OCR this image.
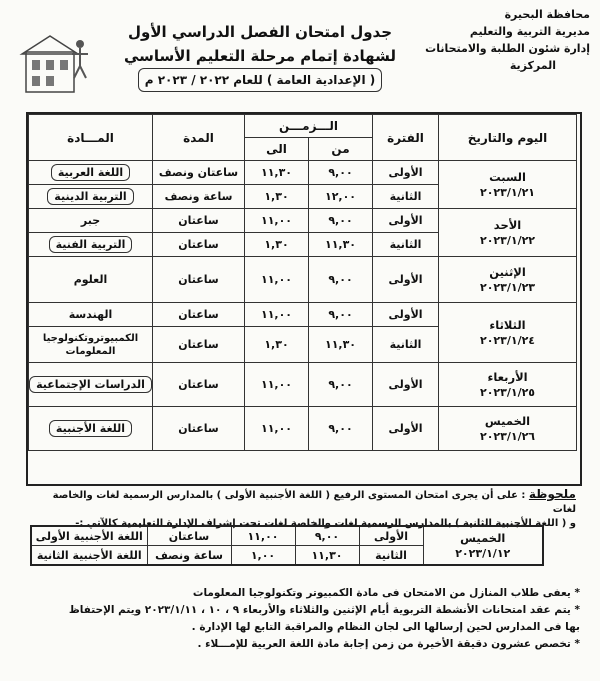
محافظة البحيرة
مديرية التربية والتعليم
إدارة شئون الطلبة والامتحانات
المركزية
جدول امتحان الفصل الدراسي الأول
لشهادة إتمام مرحلة التعليم الأساسي
( الإعدادية العامة ) للعام ٢٠٢٢ / ٢٠٢٣ م
اليوم والتاريخ	الفترة	الـــزمـــن		المدة	المـــادة
		من	الى		

السبت
٢٠٢٣/١/٢١	الأولى	٩,٠٠	١١,٣٠	ساعتان ونصف	اللغة العربية
	الثانية	١٢,٠٠	١,٣٠	ساعة ونصف	التربية الدينية

الأحد
٢٠٢٣/١/٢٢	الأولى	٩,٠٠	١١,٠٠	ساعتان	جبر
	الثانية	١١,٣٠	١,٣٠	ساعتان	التربية الفنية

الإثنين
٢٠٢٣/١/٢٣	الأولى	٩,٠٠	١١,٠٠	ساعتان	العلوم

الثلاثاء
٢٠٢٣/١/٢٤	الأولى	٩,٠٠	١١,٠٠	ساعتان	الهندسة
	الثانية	١١,٣٠	١,٣٠	ساعتان	الكمبيوتروتكنولوجيا المعلومات

الأربعاء
٢٠٢٣/١/٢٥	الأولى	٩,٠٠	١١,٠٠	ساعتان	الدراسات الإجتماعية

الخميس
٢٠٢٣/١/٢٦	الأولى	٩,٠٠	١١,٠٠	ساعتان	اللغة الأجنبية
ملحوظة : على أن يجرى امتحان المستوى الرفيع ( اللغة الأجنبية الأولى ) بالمدارس الرسمية لغات والخاصة لغات
و ( اللغة الأجنبية الثانية ) بالمدارس الرسمية لغات والخاصة لغات تحت إشراف الإدارة التعليمية كالآتي :-
الخميس
٢٠٢٣/١/١٢	الأولى	٩,٠٠	١١,٠٠	ساعتان	اللغة الأجنبية الأولى
	الثانية	١١,٣٠	١,٠٠	ساعة ونصف	اللغة الأجنبية الثانية
* يعفى طلاب المنازل من الامتحان فى مادة الكمبيوتر وتكنولوجيا المعلومات
* يتم عقد امتحانات الأنشطة التربوية أيام الإثنين والثلاثاء والأربعاء ٩ ، ١٠ ، ٢٠٢٣/١/١١ ويتم الإحتفاظ
بها فى المدارس لحين إرسالها الى لجان النظام والمراقبة التابع لها الإدارة .
* تخصص عشرون دقيقة الأخيرة من زمن إجابة مادة اللغة العربية للإمـــلاء .
